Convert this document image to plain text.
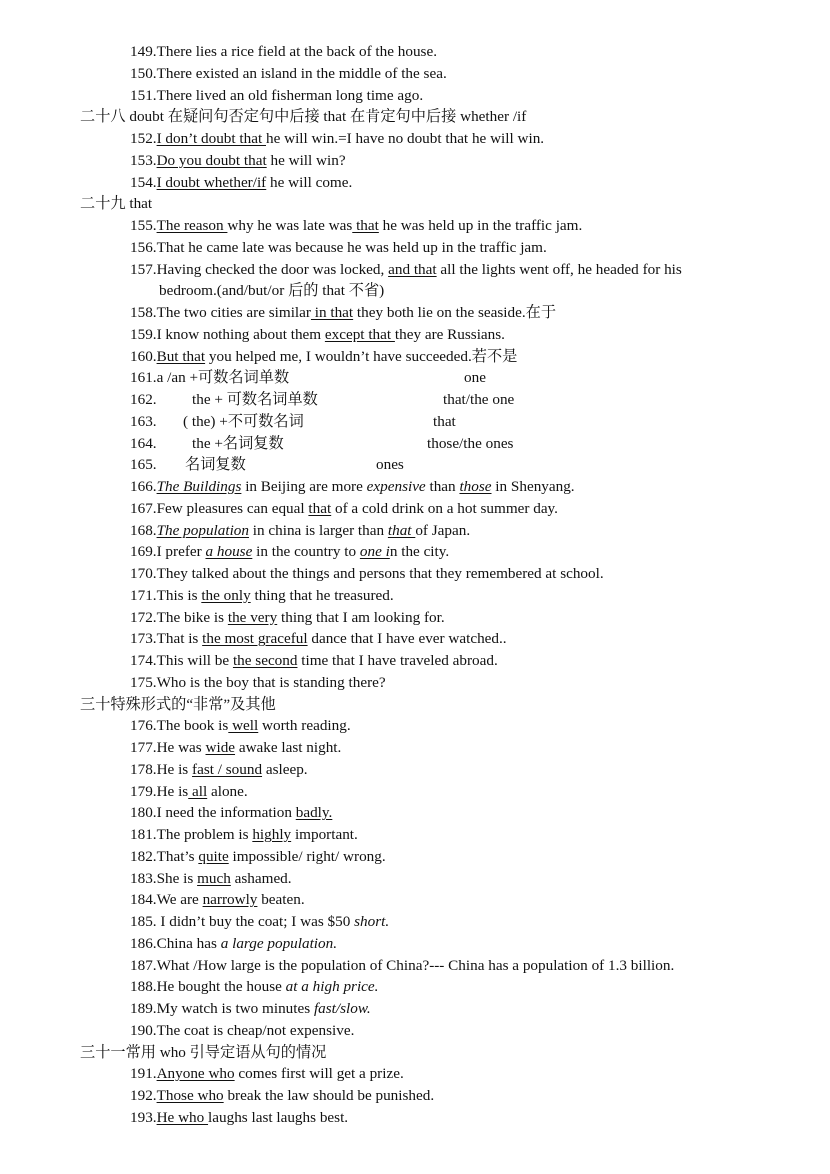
149.There lies a rice field at the back of the house.
150.There existed an island in the middle of the sea.
151.There lived an old fisherman long time ago.
二十八 doubt 在疑问句否定句中后接 that 在肯定句中后接 whether /if
152.I don’t doubt that he will win.=I have no doubt that he will win.
153.Do you doubt that he will win?
154.I doubt whether/if he will come.
二十九 that
155.The reason why he was late was that he was held up in the traffic jam.
156.That he came late was because he was held up in the traffic jam.
157.Having checked the door was locked, and that all the lights went off, he headed for his
bedroom.(and/but/or 后的 that 不省)
158.The two cities are similar in that they both lie on the seaside.在于
159.I know nothing about them except that they are Russians.
160.But that you helped me, I wouldn’t have succeeded.若不是
161.a /an +可数名词单数	one
162. the + 可数名词单数	that/the one
163. ( the) +不可数名词	that
164. the +名词复数	those/the ones
165. 名词复数	ones
166.The Buildings in Beijing are more expensive than those in Shenyang.
167.Few pleasures can equal that of a cold drink on a hot summer day.
168.The population in china is larger than that of Japan.
169.I prefer a house in the country to one in the city.
170.They talked about the things and persons that they remembered at school.
171.This is the only thing that he treasured.
172.The bike is the very thing that I am looking for.
173.That is the most graceful dance that I have ever watched..
174.This will be the second time that I have traveled abroad.
175.Who is the boy that is standing there?
三十特殊形式的“非常”及其他
176.The book is well worth reading.
177.He was wide awake last night.
178.He is fast / sound asleep.
179.He is all alone.
180.I need the information badly.
181.The problem is highly important.
182.That’s quite impossible/ right/ wrong.
183.She is much ashamed.
184.We are narrowly beaten.
185. I didn’t buy the coat; I was $50 short.
186.China has a large population.
187.What /How large is the population of China?--- China has a population of 1.3 billion.
188.He bought the house at a high price.
189.My watch is two minutes fast/slow.
190.The coat is cheap/not expensive.
三十一常用 who 引导定语从句的情况
191.Anyone who comes first will get a prize.
192.Those who break the law should be punished.
193.He who laughs last laughs best.
